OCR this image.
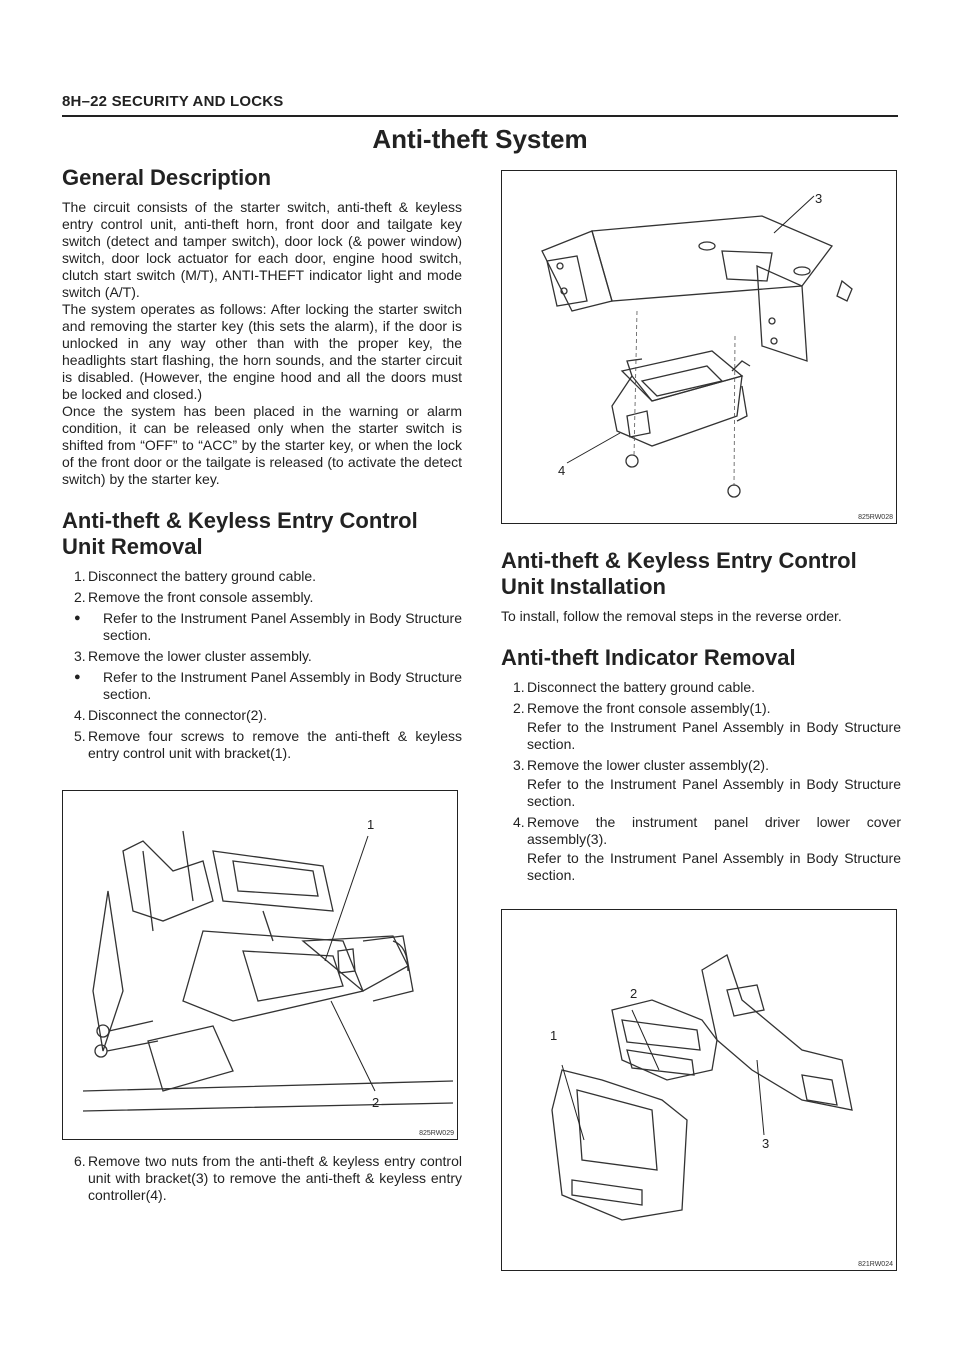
8H–22 SECURITY AND LOCKS
Anti-theft System
General Description

The circuit consists of the starter switch, anti-theft & keyless entry control unit, anti-theft horn, front door and tailgate key switch (detect and tamper switch), door lock (& power window) switch, door lock actuator for each door, engine hood switch, clutch start switch (M/T), ANTI-THEFT indicator light and mode switch (A/T).

The system operates as follows: After locking the starter switch and removing the starter key (this sets the alarm), if the door is unlocked in any way other than with the proper key, the headlights start flashing, the horn sounds, and the starter circuit is disabled. (However, the engine hood and all the doors must be locked and closed.)

Once the system has been placed in the warning or alarm condition, it can be released only when the starter switch is shifted from “OFF” to “ACC” by the starter key, or when the lock of the front door or the tailgate is released (to activate the detect switch) by the starter key.

Anti-theft & Keyless Entry Control Unit Removal
1. Disconnect the battery ground cable.
2. Remove the front console assembly.
●	Refer to the Instrument Panel Assembly in Body Structure section.
3. Remove the lower cluster assembly.
●	Refer to the Instrument Panel Assembly in Body Structure section.
4. Disconnect the connector(2).
5. Remove four screws to remove the anti-theft & keyless entry control unit with bracket(1).
1
2
825RW029
6. Remove two nuts from the anti-theft & keyless entry control unit with bracket(3) to remove the anti-theft & keyless entry controller(4).
3
4
825RW028
Anti-theft & Keyless Entry Control Unit Installation

To install, follow the removal steps in the reverse order.

Anti-theft Indicator Removal
1. Disconnect the battery ground cable.
2. Remove the front console assembly(1).
Refer to the Instrument Panel Assembly in Body Structure section.
3. Remove the lower cluster assembly(2).
Refer to the Instrument Panel Assembly in Body Structure section.
4. Remove the instrument panel driver lower cover assembly(3).
Refer to the Instrument Panel Assembly in Body Structure section.
2
1
3
821RW024
